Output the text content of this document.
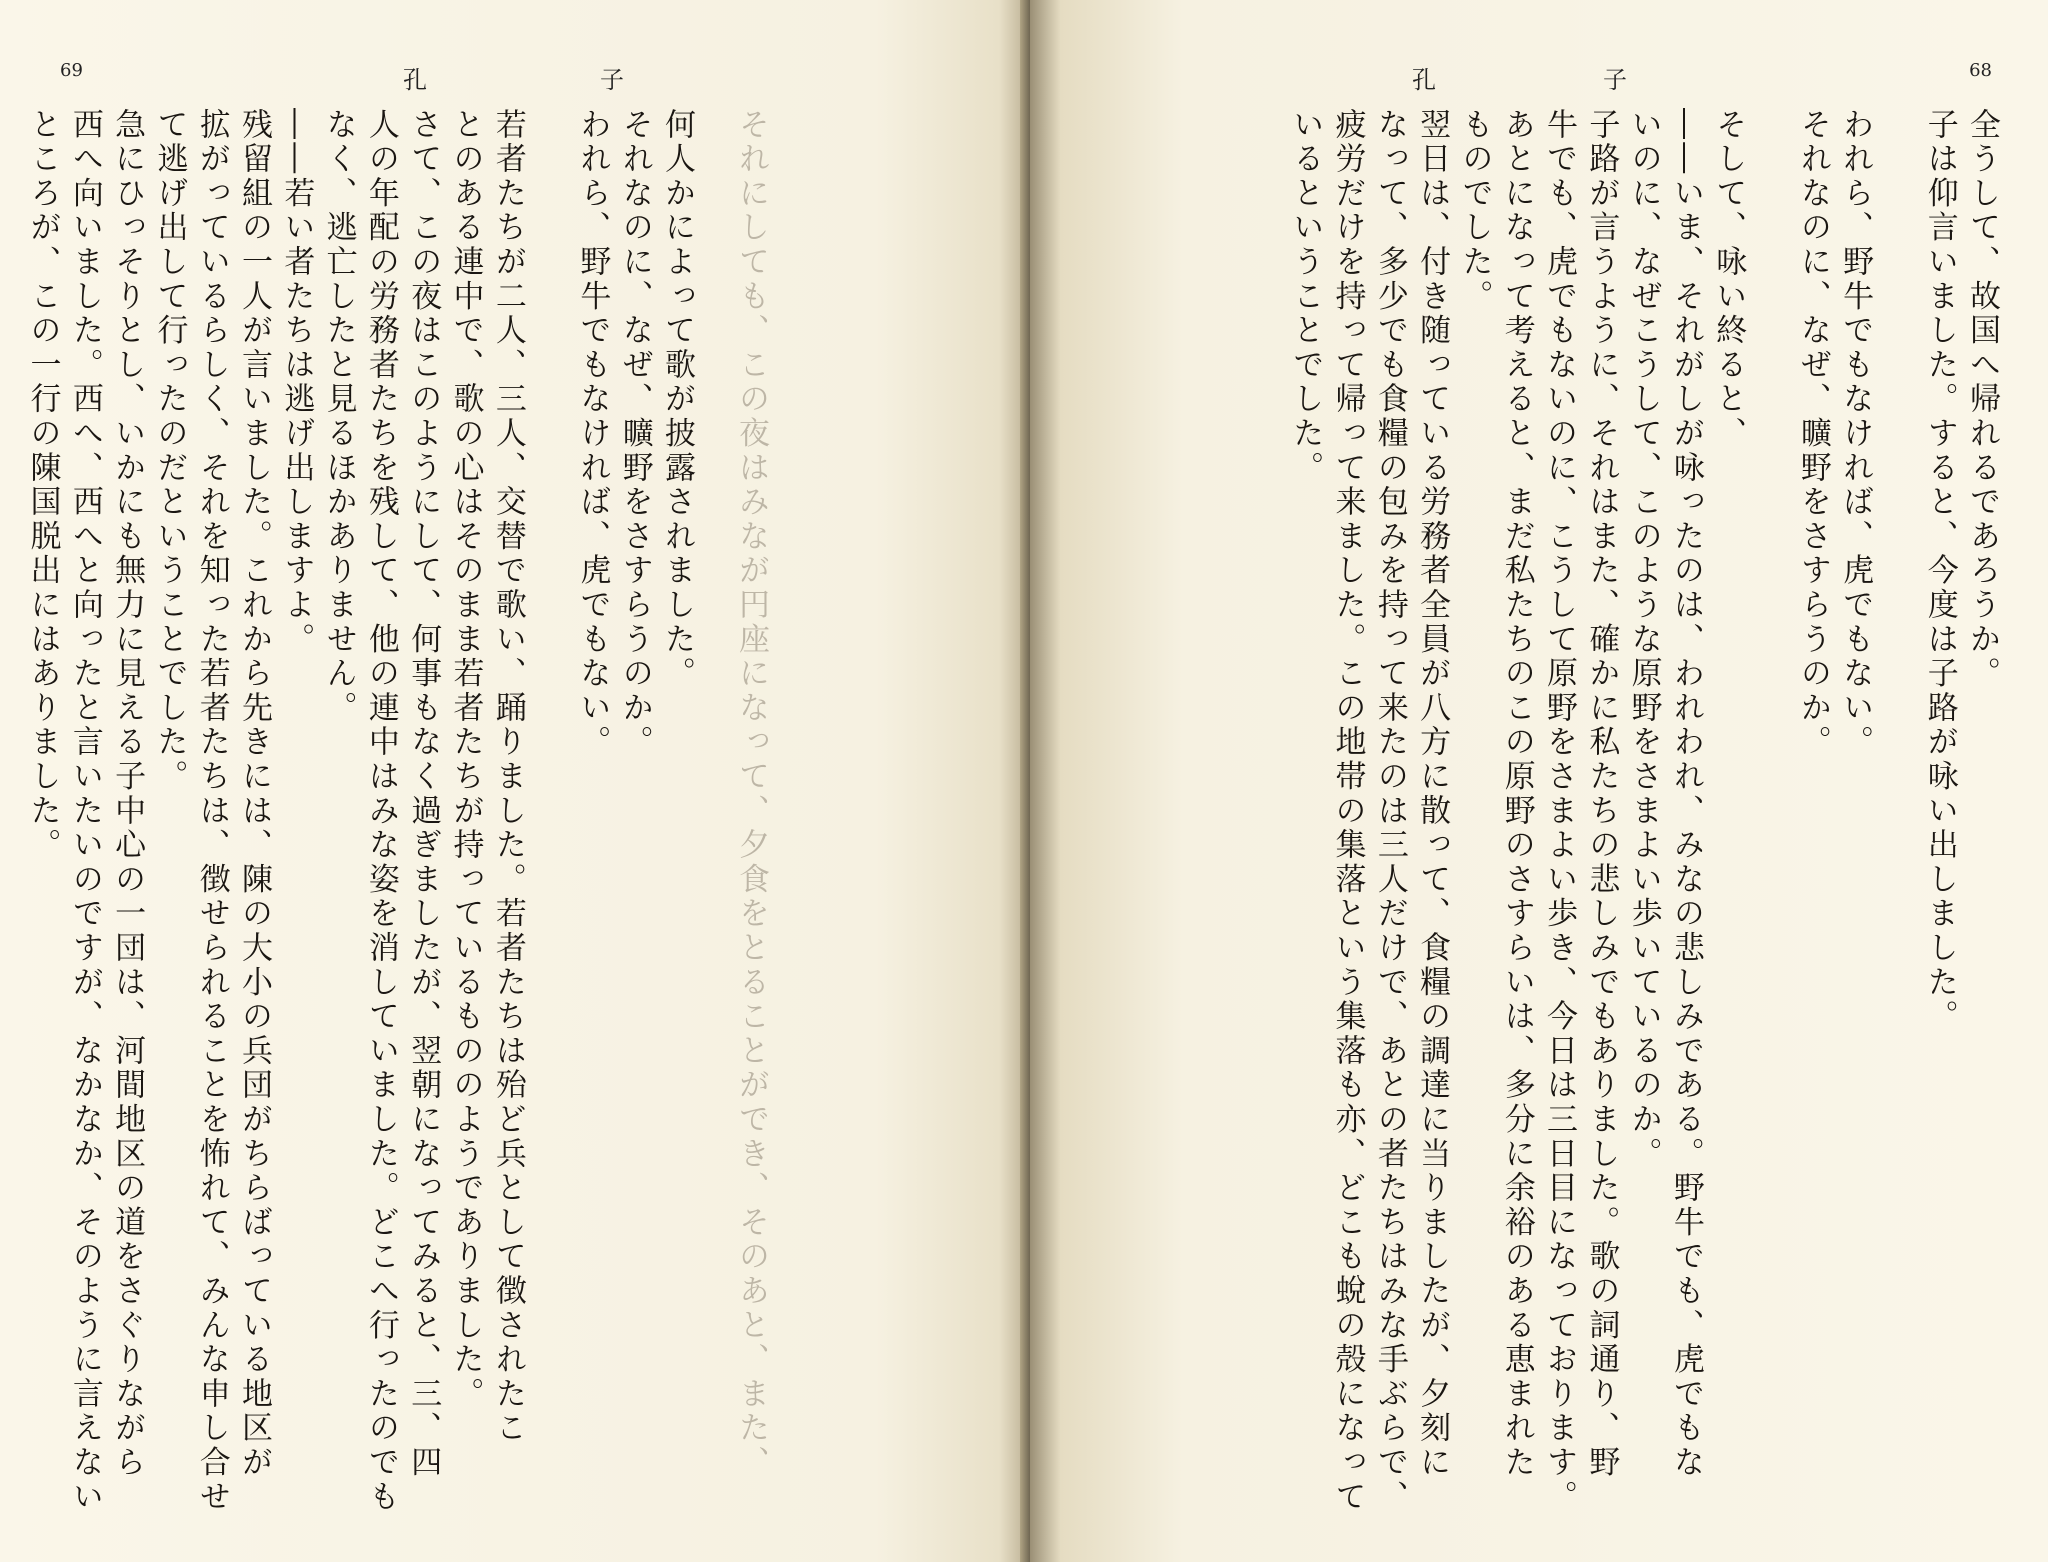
69	孔	子

それにしても、この夜はみなが円座になって、夕食をとることができ、そのあと、また、

何人かによって歌が披露されました。

それなのに、なぜ、曠野をさすらうのか。

われら、野牛でもなければ、虎でもない。

若者たちが二人、三人、交替で歌い、踊りました。若者たちは殆ど兵として徴されたこ

とのある連中で、歌の心はそのまま若者たちが持っているもののようでありました。

さて、この夜はこのようにして、何事もなく過ぎましたが、翌朝になってみると、三、四

人の年配の労務者たちを残して、他の連中はみな姿を消していました。どこへ行ったのでも

なく、逃亡したと見るほかありません。

――若い者たちは逃げ出しますよ。

残留組の一人が言いました。これから先きには、陳の大小の兵団がちらばっている地区が

拡がっているらしく、それを知った若者たちは、徴せられることを怖れて、みんな申し合せ

て逃げ出して行ったのだということでした。

急にひっそりとし、いかにも無力に見える子中心の一団は、河間地区の道をさぐりながら

西へ向いました。西へ、西へと向ったと言いたいのですが、なかなか、そのように言えない

ところが、この一行の陳国脱出にはありました。

68
孔	子

全うして、故国へ帰れるであろうか。

子は仰言いました。すると、今度は子路が咏い出しました。

われら、野牛でもなければ、虎でもない。

それなのに、なぜ、曠野をさすらうのか。

そして、咏い終ると、

――いま、それがしが咏ったのは、われわれ、みなの悲しみである。野牛でも、虎でもな

いのに、なぜこうして、このような原野をさまよい歩いているのか。

子路が言うように、それはまた、確かに私たちの悲しみでもありました。歌の詞通り、野

牛でも、虎でもないのに、こうして原野をさまよい歩き、今日は三日目になっております。

あとになって考えると、まだ私たちのこの原野のさすらいは、多分に余裕のある恵まれた

ものでした。

翌日は、付き随っている労務者全員が八方に散って、食糧の調達に当りましたが、夕刻に

なって、多少でも食糧の包みを持って来たのは三人だけで、あとの者たちはみな手ぶらで、

疲労だけを持って帰って来ました。この地帯の集落という集落も亦、どこも蛻の殻になって

いるということでした。
